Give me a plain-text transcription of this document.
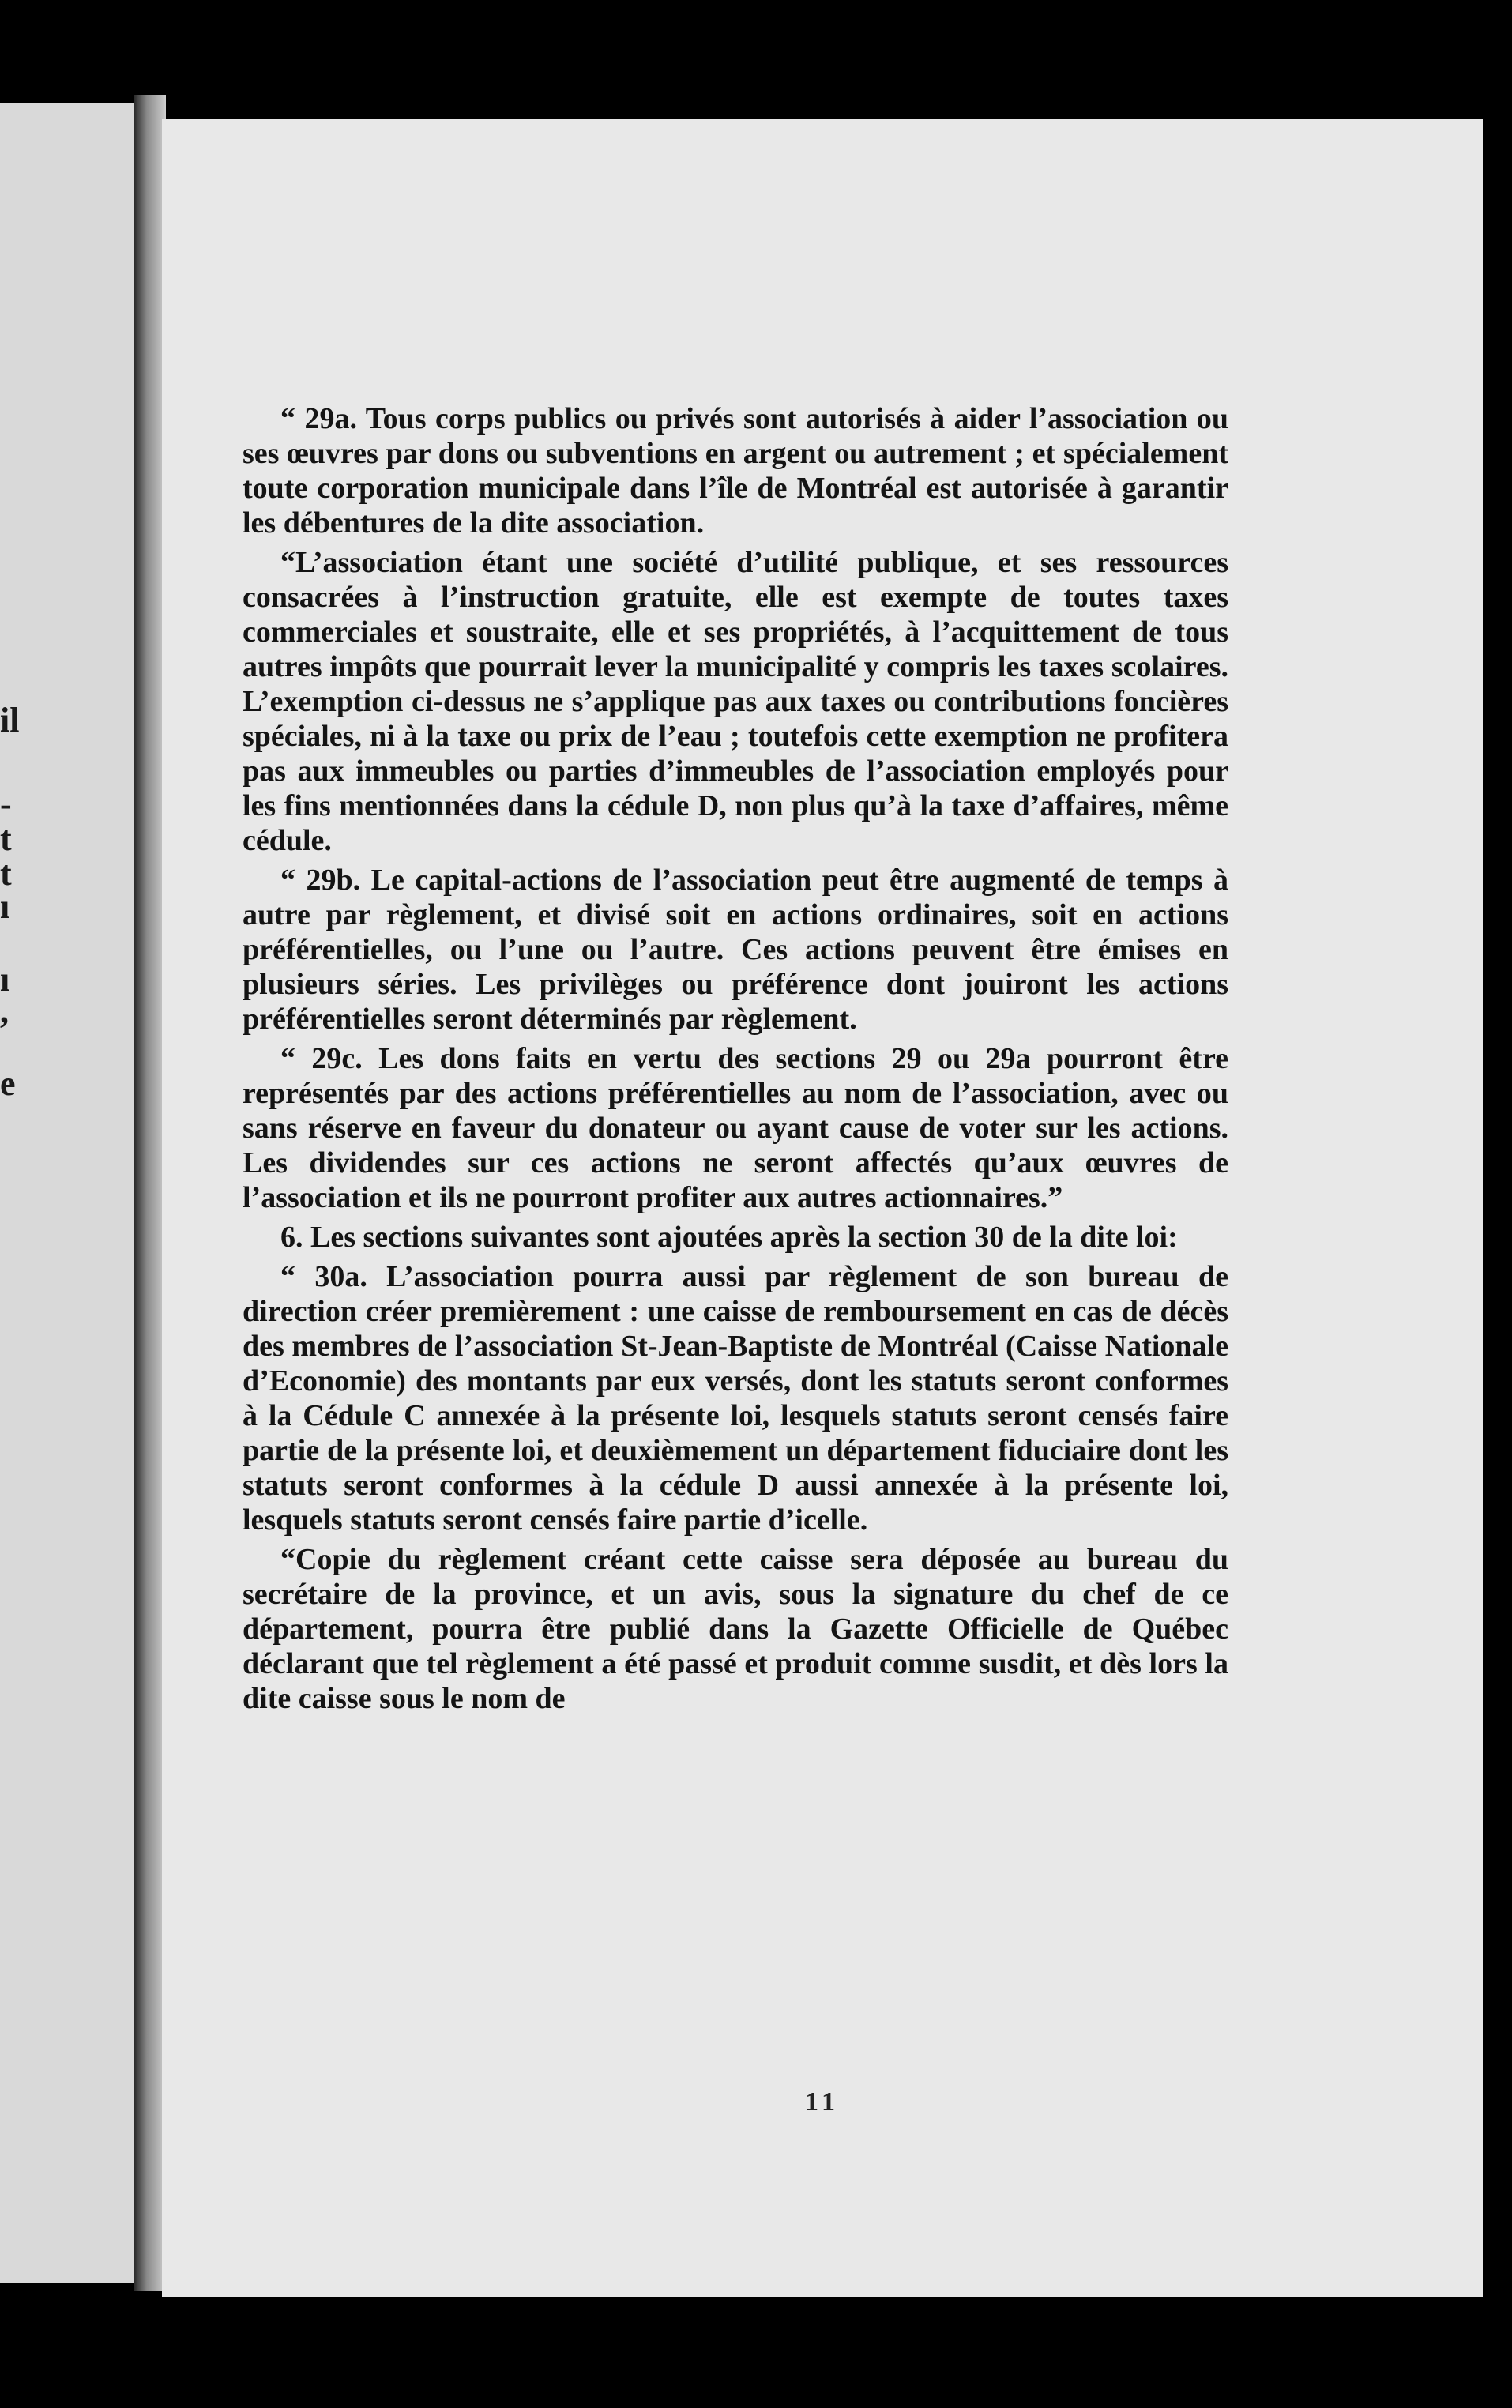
il
-
t
t
ı
ı
,
e

“ 29a. Tous corps publics ou privés sont autorisés à aider l’association ou ses œuvres par dons ou subventions en argent ou autrement ; et spécialement toute corporation municipale dans l’île de Montréal est autorisée à garantir les débentures de la dite association.

“L’association étant une société d’utilité publique, et ses ressources consacrées à l’instruction gratuite, elle est exempte de toutes taxes commerciales et soustraite, elle et ses propriétés, à l’acquittement de tous autres impôts que pourrait lever la municipalité y compris les taxes scolaires. L’exemption ci-dessus ne s’applique pas aux taxes ou contributions foncières spéciales, ni à la taxe ou prix de l’eau ; toutefois cette exemption ne profitera pas aux immeubles ou parties d’immeubles de l’association employés pour les fins mentionnées dans la cédule D, non plus qu’à la taxe d’affaires, même cédule.

“ 29b. Le capital-actions de l’association peut être augmenté de temps à autre par règlement, et divisé soit en actions ordinaires, soit en actions préférentielles, ou l’une ou l’autre. Ces actions peuvent être émises en plusieurs séries. Les privilèges ou préférence dont jouiront les actions préférentielles seront déterminés par règlement.

“ 29c. Les dons faits en vertu des sections 29 ou 29a pourront être représentés par des actions préférentielles au nom de l’association, avec ou sans réserve en faveur du donateur ou ayant cause de voter sur les actions. Les dividendes sur ces actions ne seront affectés qu’aux œuvres de l’association et ils ne pourront profiter aux autres actionnaires.”

6. Les sections suivantes sont ajoutées après la section 30 de la dite loi:

“ 30a. L’association pourra aussi par règlement de son bureau de direction créer premièrement : une caisse de remboursement en cas de décès des membres de l’association St-Jean-Baptiste de Montréal (Caisse Nationale d’Economie) des montants par eux versés, dont les statuts seront conformes à la Cédule C annexée à la présente loi, lesquels statuts seront censés faire partie de la présente loi, et deuxièmement un département fiduciaire dont les statuts seront conformes à la cédule D aussi annexée à la présente loi, lesquels statuts seront censés faire partie d’icelle.

“Copie du règlement créant cette caisse sera déposée au bureau du secrétaire de la province, et un avis, sous la signature du chef de ce département, pourra être publié dans la Gazette Officielle de Québec déclarant que tel règlement a été passé et produit comme susdit, et dès lors la dite caisse sous le nom de

11
